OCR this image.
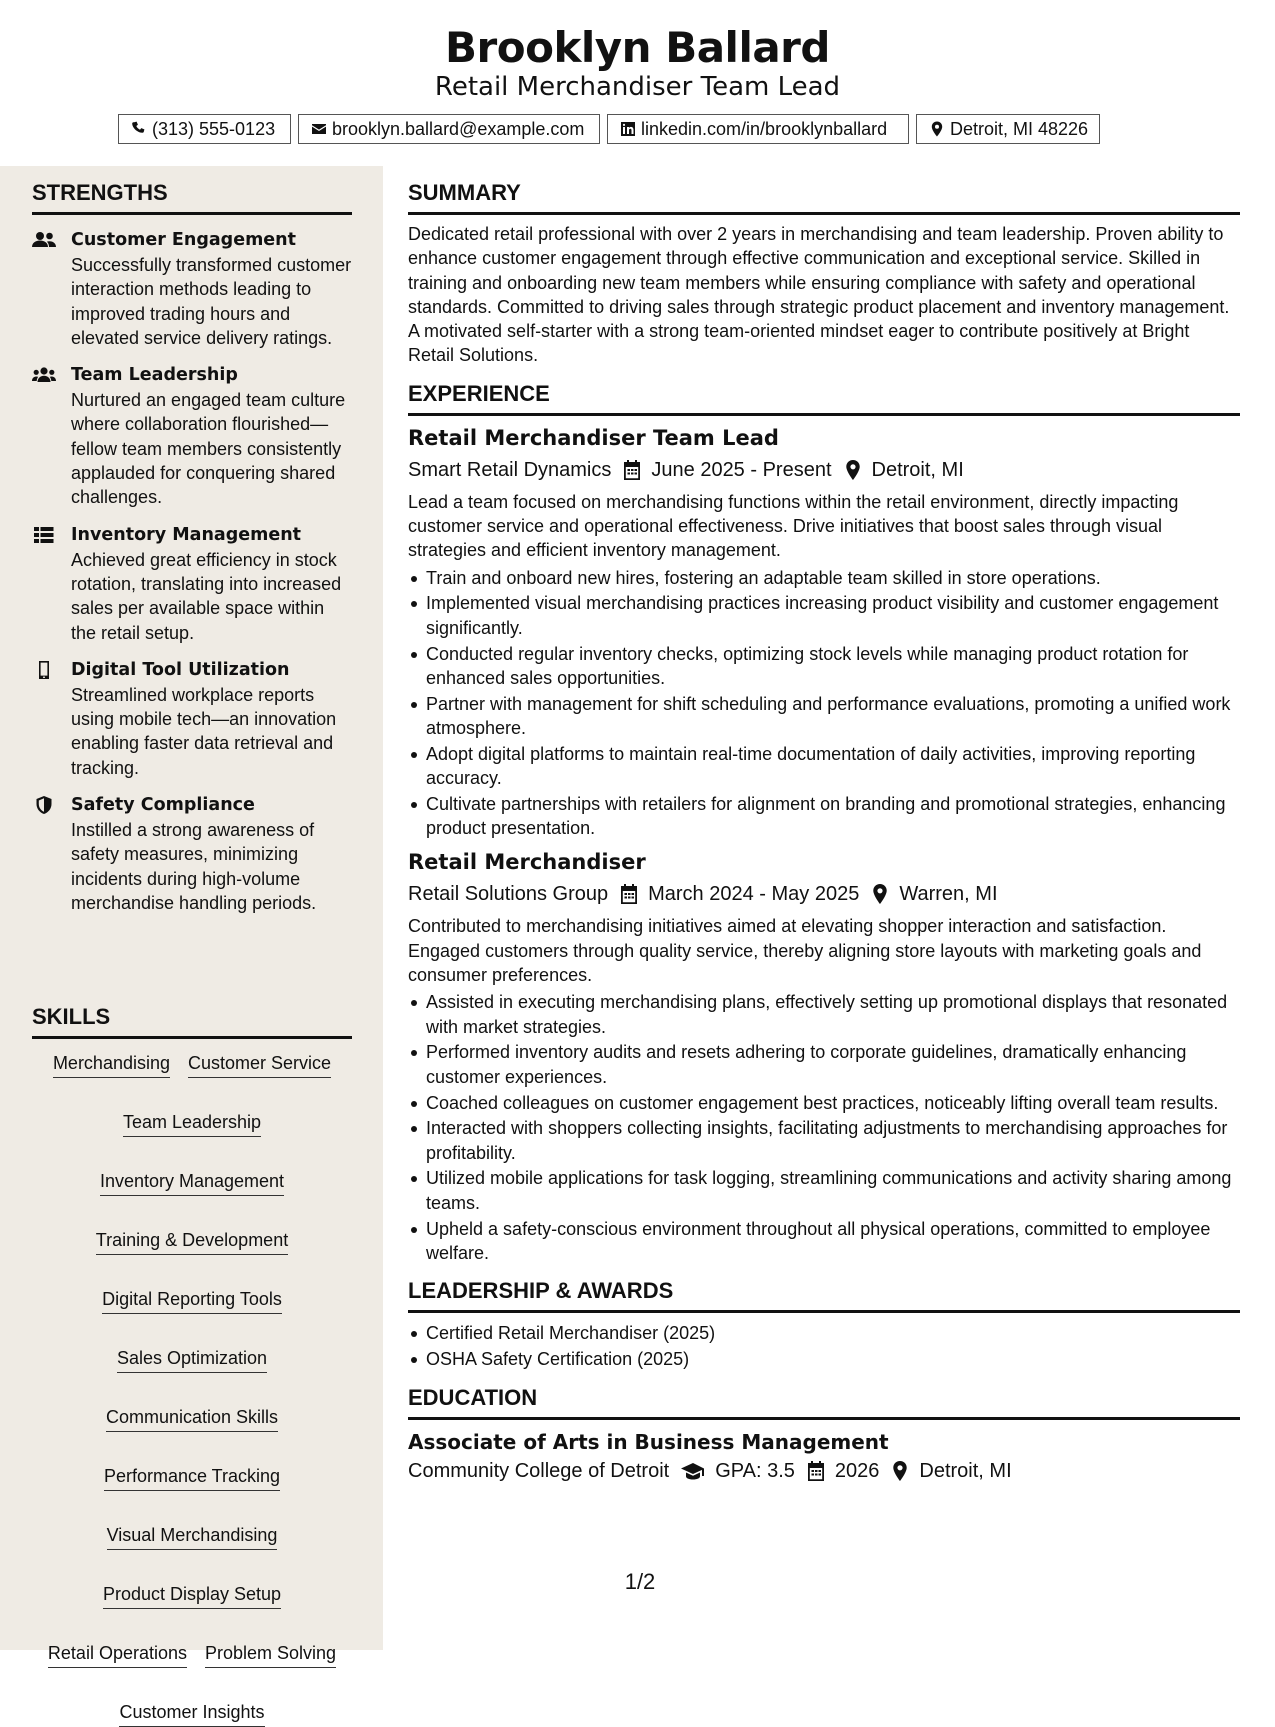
Brooklyn Ballard
Retail Merchandiser Team Lead
(313) 555-0123	brooklyn.ballard@example.com	linkedin.com/in/brooklynballard	Detroit, MI 48226
STRENGTHS
Customer Engagement
Successfully transformed customer interaction methods leading to improved trading hours and elevated service delivery ratings.
Team Leadership
Nurtured an engaged team culture where collaboration flourished—fellow team members consistently applauded for conquering shared challenges.
Inventory Management
Achieved great efficiency in stock rotation, translating into increased sales per available space within the retail setup.
Digital Tool Utilization
Streamlined workplace reports using mobile tech—an innovation enabling faster data retrieval and tracking.
Safety Compliance
Instilled a strong awareness of safety measures, minimizing incidents during high-volume merchandise handling periods.
SKILLS
Merchandising Customer Service
Team Leadership
Inventory Management
Training & Development
Digital Reporting Tools
Sales Optimization
Communication Skills
Performance Tracking
Visual Merchandising
Product Display Setup
Retail Operations Problem Solving
Customer Insights
SUMMARY
Dedicated retail professional with over 2 years in merchandising and team leadership. Proven ability to enhance customer engagement through effective communication and exceptional service. Skilled in training and onboarding new team members while ensuring compliance with safety and operational standards. Committed to driving sales through strategic product placement and inventory management. A motivated self-starter with a strong team-oriented mindset eager to contribute positively at Bright Retail Solutions.
EXPERIENCE
Retail Merchandiser Team Lead
Smart Retail Dynamics June 2025 - Present Detroit, MI
Lead a team focused on merchandising functions within the retail environment, directly impacting customer service and operational effectiveness. Drive initiatives that boost sales through visual strategies and efficient inventory management.
Train and onboard new hires, fostering an adaptable team skilled in store operations.
Implemented visual merchandising practices increasing product visibility and customer engagement significantly.
Conducted regular inventory checks, optimizing stock levels while managing product rotation for enhanced sales opportunities.
Partner with management for shift scheduling and performance evaluations, promoting a unified work atmosphere.
Adopt digital platforms to maintain real-time documentation of daily activities, improving reporting accuracy.
Cultivate partnerships with retailers for alignment on branding and promotional strategies, enhancing product presentation.
Retail Merchandiser
Retail Solutions Group March 2024 - May 2025 Warren, MI
Contributed to merchandising initiatives aimed at elevating shopper interaction and satisfaction. Engaged customers through quality service, thereby aligning store layouts with marketing goals and consumer preferences.
Assisted in executing merchandising plans, effectively setting up promotional displays that resonated with market strategies.
Performed inventory audits and resets adhering to corporate guidelines, dramatically enhancing customer experiences.
Coached colleagues on customer engagement best practices, noticeably lifting overall team results.
Interacted with shoppers collecting insights, facilitating adjustments to merchandising approaches for profitability.
Utilized mobile applications for task logging, streamlining communications and activity sharing among teams.
Upheld a safety-conscious environment throughout all physical operations, committed to employee welfare.
LEADERSHIP & AWARDS
Certified Retail Merchandiser (2025)
OSHA Safety Certification (2025)
EDUCATION
Associate of Arts in Business Management
Community College of Detroit GPA: 3.5 2026 Detroit, MI
1/2
